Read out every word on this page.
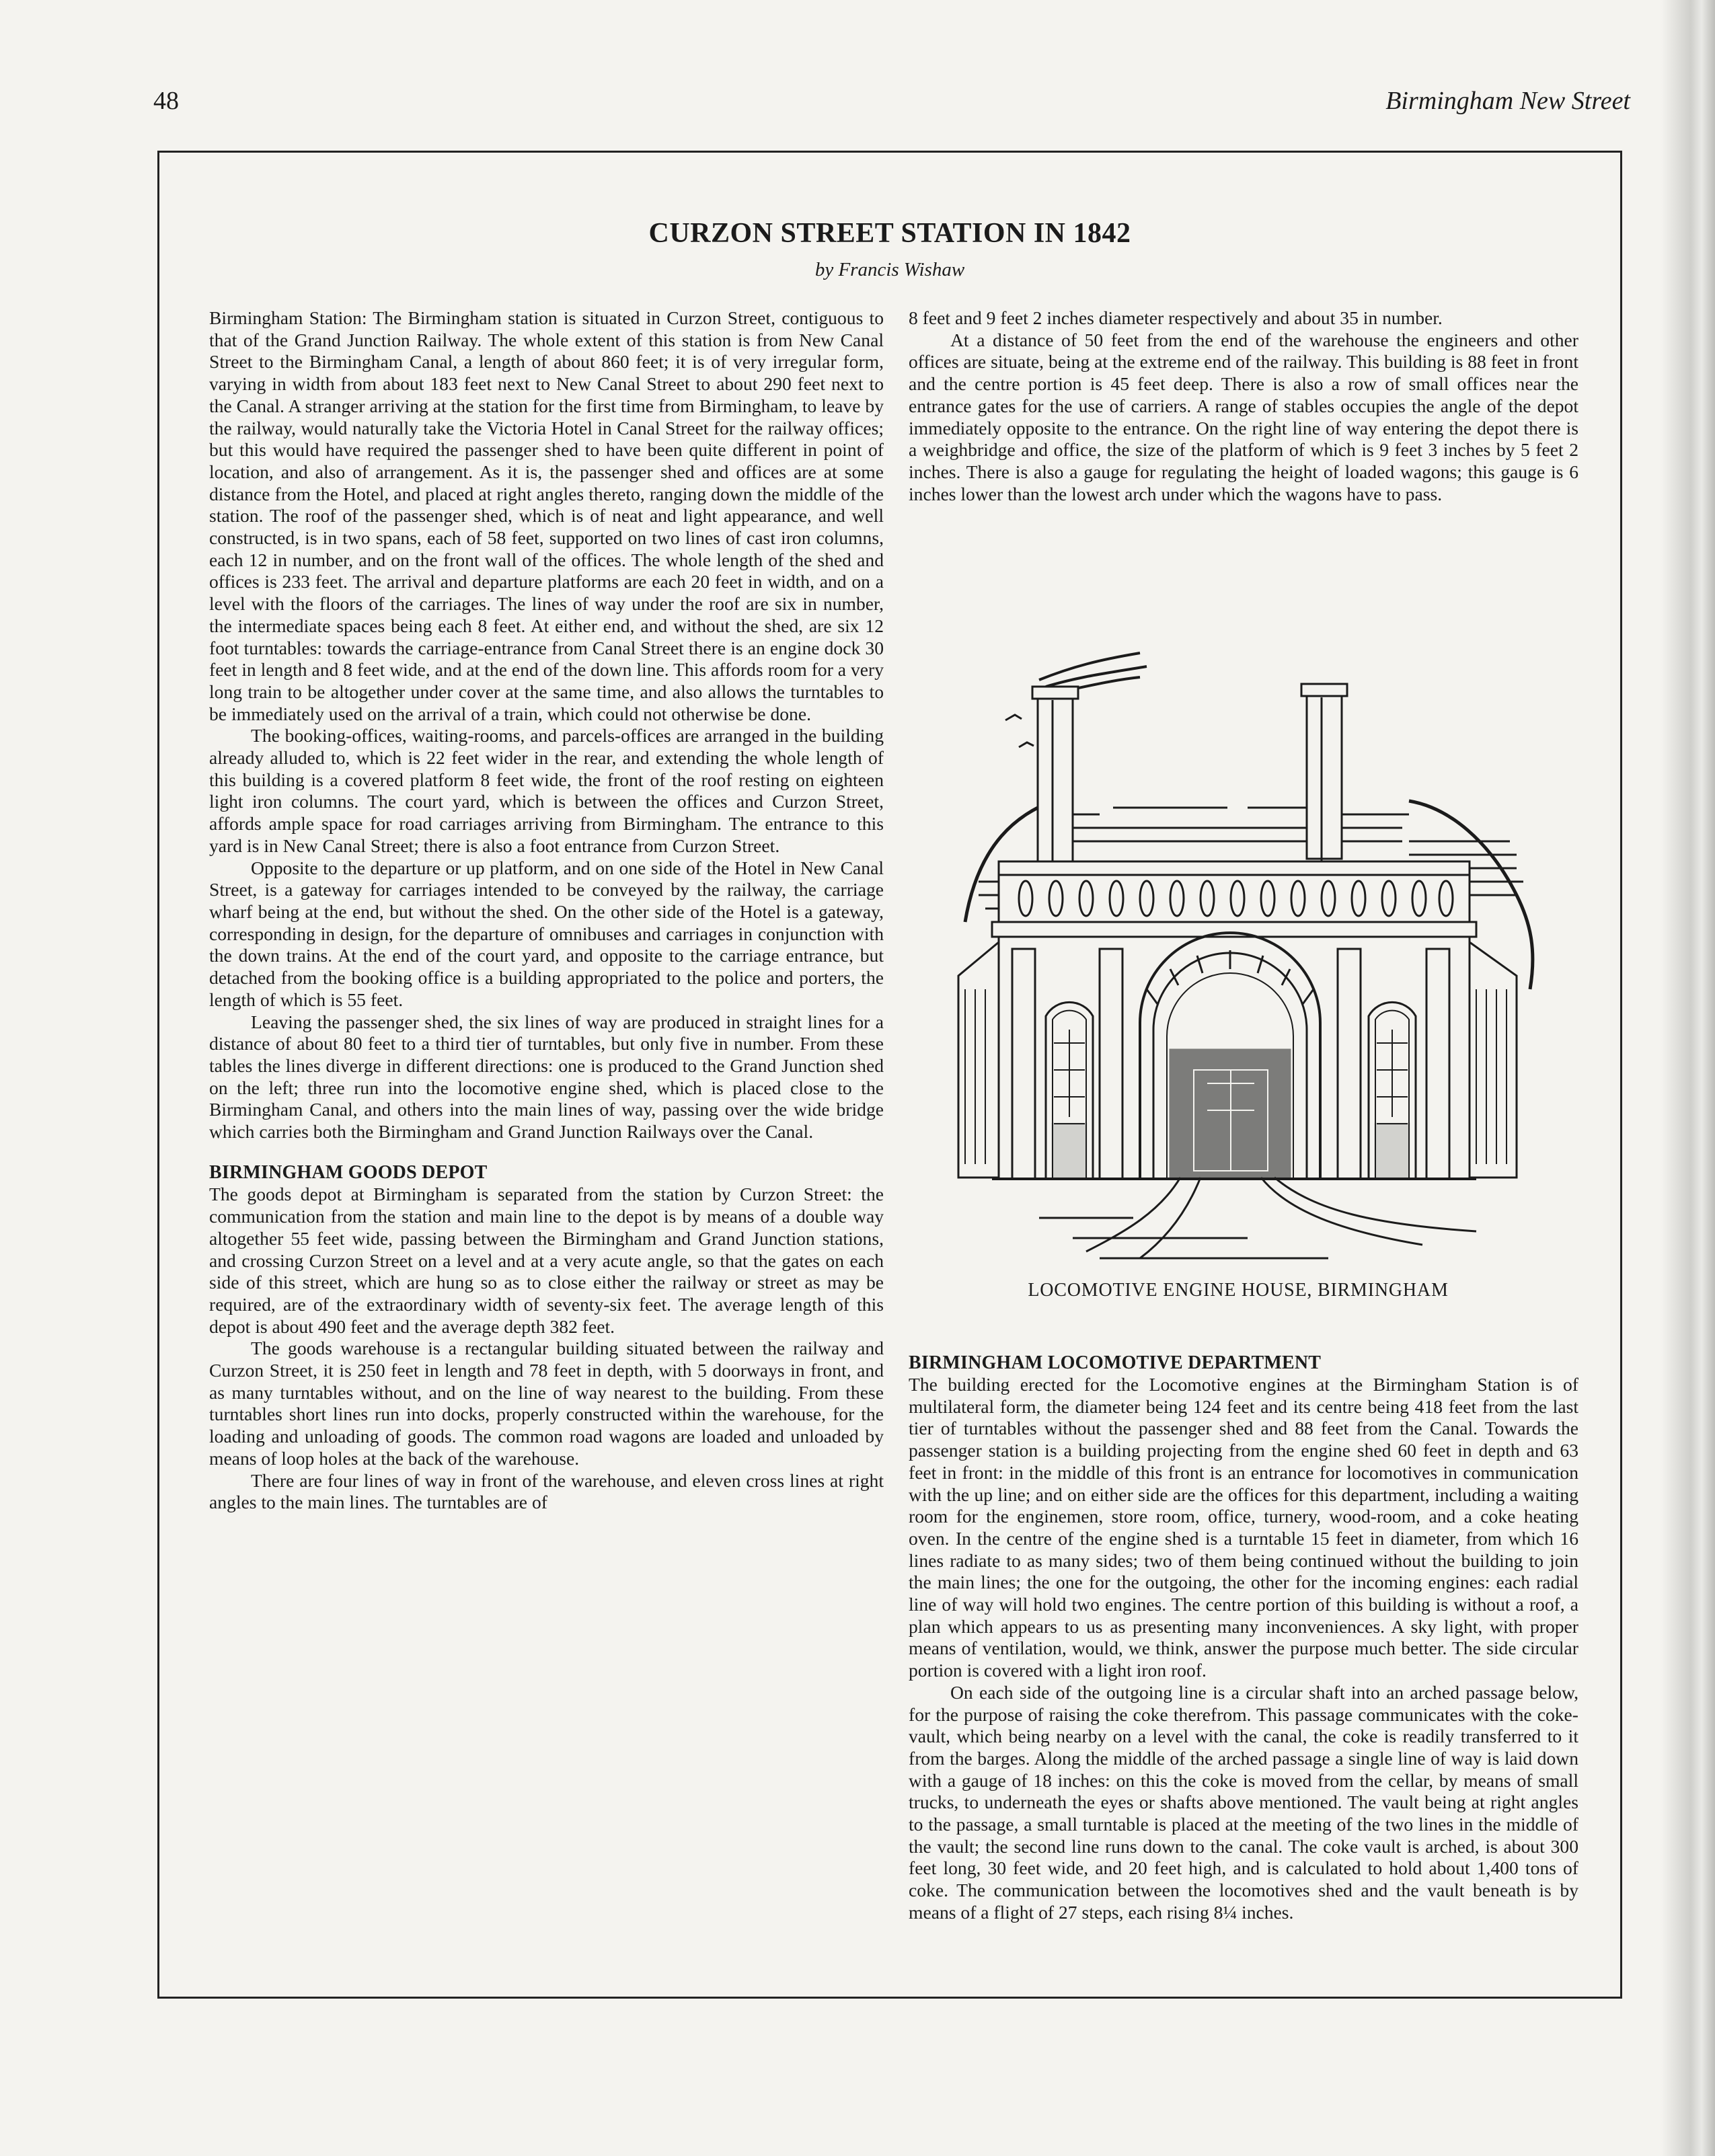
48	Birmingham New Street
CURZON STREET STATION IN 1842
by Francis Wishaw

Birmingham Station: The Birmingham station is situated in Curzon Street, contiguous to that of the Grand Junction Railway. The whole extent of this station is from New Canal Street to the Birmingham Canal, a length of about 860 feet; it is of very irregular form, varying in width from about 183 feet next to New Canal Street to about 290 feet next to the Canal. A stranger arriving at the station for the first time from Birmingham, to leave by the railway, would naturally take the Victoria Hotel in Canal Street for the railway offices; but this would have required the passenger shed to have been quite different in point of location, and also of arrangement. As it is, the passenger shed and offices are at some distance from the Hotel, and placed at right angles thereto, ranging down the middle of the station. The roof of the passenger shed, which is of neat and light appearance, and well constructed, is in two spans, each of 58 feet, supported on two lines of cast iron columns, each 12 in number, and on the front wall of the offices. The whole length of the shed and offices is 233 feet. The arrival and departure platforms are each 20 feet in width, and on a level with the floors of the carriages. The lines of way under the roof are six in number, the intermediate spaces being each 8 feet. At either end, and without the shed, are six 12 foot turntables: towards the carriage-entrance from Canal Street there is an engine dock 30 feet in length and 8 feet wide, and at the end of the down line. This affords room for a very long train to be altogether under cover at the same time, and also allows the turntables to be immediately used on the arrival of a train, which could not otherwise be done.

The booking-offices, waiting-rooms, and parcels-offices are arranged in the building already alluded to, which is 22 feet wider in the rear, and extending the whole length of this building is a covered platform 8 feet wide, the front of the roof resting on eighteen light iron columns. The court yard, which is between the offices and Curzon Street, affords ample space for road carriages arriving from Birmingham. The entrance to this yard is in New Canal Street; there is also a foot entrance from Curzon Street.

Opposite to the departure or up platform, and on one side of the Hotel in New Canal Street, is a gateway for carriages intended to be conveyed by the railway, the carriage wharf being at the end, but without the shed. On the other side of the Hotel is a gateway, corresponding in design, for the departure of omnibuses and carriages in conjunction with the down trains. At the end of the court yard, and opposite to the carriage entrance, but detached from the booking office is a building appropriated to the police and porters, the length of which is 55 feet.

Leaving the passenger shed, the six lines of way are produced in straight lines for a distance of about 80 feet to a third tier of turntables, but only five in number. From these tables the lines diverge in different directions: one is produced to the Grand Junction shed on the left; three run into the locomotive engine shed, which is placed close to the Birmingham Canal, and others into the main lines of way, passing over the wide bridge which carries both the Birmingham and Grand Junction Railways over the Canal.

BIRMINGHAM GOODS DEPOT

The goods depot at Birmingham is separated from the station by Curzon Street: the communication from the station and main line to the depot is by means of a double way altogether 55 feet wide, passing between the Birmingham and Grand Junction stations, and crossing Curzon Street on a level and at a very acute angle, so that the gates on each side of this street, which are hung so as to close either the railway or street as may be required, are of the extraordinary width of seventy-six feet. The average length of this depot is about 490 feet and the average depth 382 feet.

The goods warehouse is a rectangular building situated between the railway and Curzon Street, it is 250 feet in length and 78 feet in depth, with 5 doorways in front, and as many turntables without, and on the line of way nearest to the building. From these turntables short lines run into docks, properly constructed within the warehouse, for the loading and unloading of goods. The common road wagons are loaded and unloaded by means of loop holes at the back of the warehouse.

There are four lines of way in front of the warehouse, and eleven cross lines at right angles to the main lines. The turntables are of

8 feet and 9 feet 2 inches diameter respectively and about 35 in number.

At a distance of 50 feet from the end of the warehouse the engineers and other offices are situate, being at the extreme end of the railway. This building is 88 feet in front and the centre portion is 45 feet deep. There is also a row of small offices near the entrance gates for the use of carriers. A range of stables occupies the angle of the depot immediately opposite to the entrance. On the right line of way entering the depot there is a weighbridge and office, the size of the platform of which is 9 feet 3 inches by 5 feet 2 inches. There is also a gauge for regulating the height of loaded wagons; this gauge is 6 inches lower than the lowest arch under which the wagons have to pass.

LOCOMOTIVE ENGINE HOUSE, BIRMINGHAM
BIRMINGHAM LOCOMOTIVE DEPARTMENT

The building erected for the Locomotive engines at the Birmingham Station is of multilateral form, the diameter being 124 feet and its centre being 418 feet from the last tier of turntables without the passenger shed and 88 feet from the Canal. Towards the passenger station is a building projecting from the engine shed 60 feet in depth and 63 feet in front: in the middle of this front is an entrance for locomotives in communication with the up line; and on either side are the offices for this department, including a waiting room for the enginemen, store room, office, turnery, wood-room, and a coke heating oven. In the centre of the engine shed is a turntable 15 feet in diameter, from which 16 lines radiate to as many sides; two of them being continued without the building to join the main lines; the one for the outgoing, the other for the incoming engines: each radial line of way will hold two engines. The centre portion of this building is without a roof, a plan which appears to us as presenting many inconveniences. A sky light, with proper means of ventilation, would, we think, answer the purpose much better. The side circular portion is covered with a light iron roof.

On each side of the outgoing line is a circular shaft into an arched passage below, for the purpose of raising the coke therefrom. This passage communicates with the coke-vault, which being nearby on a level with the canal, the coke is readily transferred to it from the barges. Along the middle of the arched passage a single line of way is laid down with a gauge of 18 inches: on this the coke is moved from the cellar, by means of small trucks, to underneath the eyes or shafts above mentioned. The vault being at right angles to the passage, a small turntable is placed at the meeting of the two lines in the middle of the vault; the second line runs down to the canal. The coke vault is arched, is about 300 feet long, 30 feet wide, and 20 feet high, and is calculated to hold about 1,400 tons of coke. The communication between the locomotives shed and the vault beneath is by means of a flight of 27 steps, each rising 8¼ inches.
